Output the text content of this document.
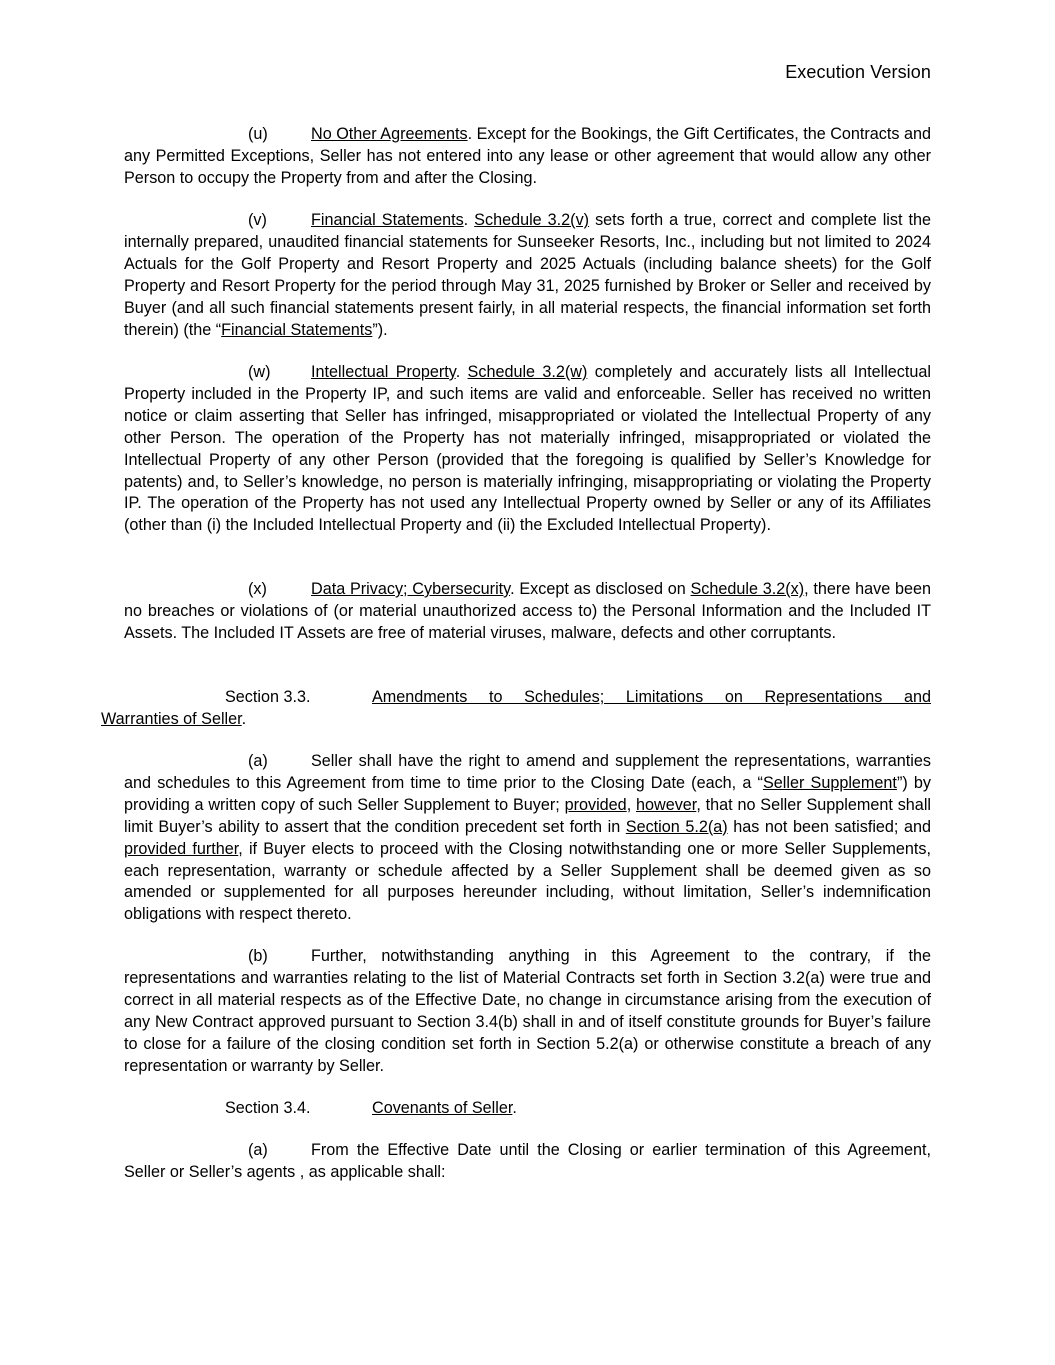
Execution Version

(u)	No Other Agreements. Except for the Bookings, the Gift Certificates, the Contracts and any Permitted Exceptions, Seller has not entered into any lease or other agreement that would allow any other Person to occupy the Property from and after the Closing.

(v)	Financial Statements. Schedule 3.2(v) sets forth a true, correct and complete list the internally prepared, unaudited financial statements for Sunseeker Resorts, Inc., including but not limited to 2024 Actuals for the Golf Property and Resort Property and 2025 Actuals (including balance sheets) for the Golf Property and Resort Property for the period through May 31, 2025 furnished by Broker or Seller and received by Buyer (and all such financial statements present fairly, in all material respects, the financial information set forth therein) (the “Financial Statements”).

(w)	Intellectual Property. Schedule 3.2(w) completely and accurately lists all Intellectual Property included in the Property IP, and such items are valid and enforceable. Seller has received no written notice or claim asserting that Seller has infringed, misappropriated or violated the Intellectual Property of any other Person. The operation of the Property has not materially infringed, misappropriated or violated the Intellectual Property of any other Person (provided that the foregoing is qualified by Seller’s Knowledge for patents) and, to Seller’s knowledge, no person is materially infringing, misappropriating or violating the Property IP. The operation of the Property has not used any Intellectual Property owned by Seller or any of its Affiliates (other than (i) the Included Intellectual Property and (ii) the Excluded Intellectual Property).

(x)	Data Privacy; Cybersecurity. Except as disclosed on Schedule 3.2(x), there have been no breaches or violations of (or material unauthorized access to) the Personal Information and the Included IT Assets. The Included IT Assets are free of material viruses, malware, defects and other corruptants.

Section 3.3.	Amendments to Schedules; Limitations on Representations and
Warranties of Seller.

(a)	Seller shall have the right to amend and supplement the representations, warranties and schedules to this Agreement from time to time prior to the Closing Date (each, a “Seller Supplement”) by providing a written copy of such Seller Supplement to Buyer; provided, however, that no Seller Supplement shall limit Buyer’s ability to assert that the condition precedent set forth in Section 5.2(a) has not been satisfied; and provided further, if Buyer elects to proceed with the Closing notwithstanding one or more Seller Supplements, each representation, warranty or schedule affected by a Seller Supplement shall be deemed given as so amended or supplemented for all purposes hereunder including, without limitation, Seller’s indemnification obligations with respect thereto.

(b)	Further, notwithstanding anything in this Agreement to the contrary, if the representations and warranties relating to the list of Material Contracts set forth in Section 3.2(a) were true and correct in all material respects as of the Effective Date, no change in circumstance arising from the execution of any New Contract approved pursuant to Section 3.4(b) shall in and of itself constitute grounds for Buyer’s failure to close for a failure of the closing condition set forth in Section 5.2(a) or otherwise constitute a breach of any representation or warranty by Seller.

Section 3.4.	Covenants of Seller.

(a)	From the Effective Date until the Closing or earlier termination of this Agreement, Seller or Seller’s agents , as applicable shall:
